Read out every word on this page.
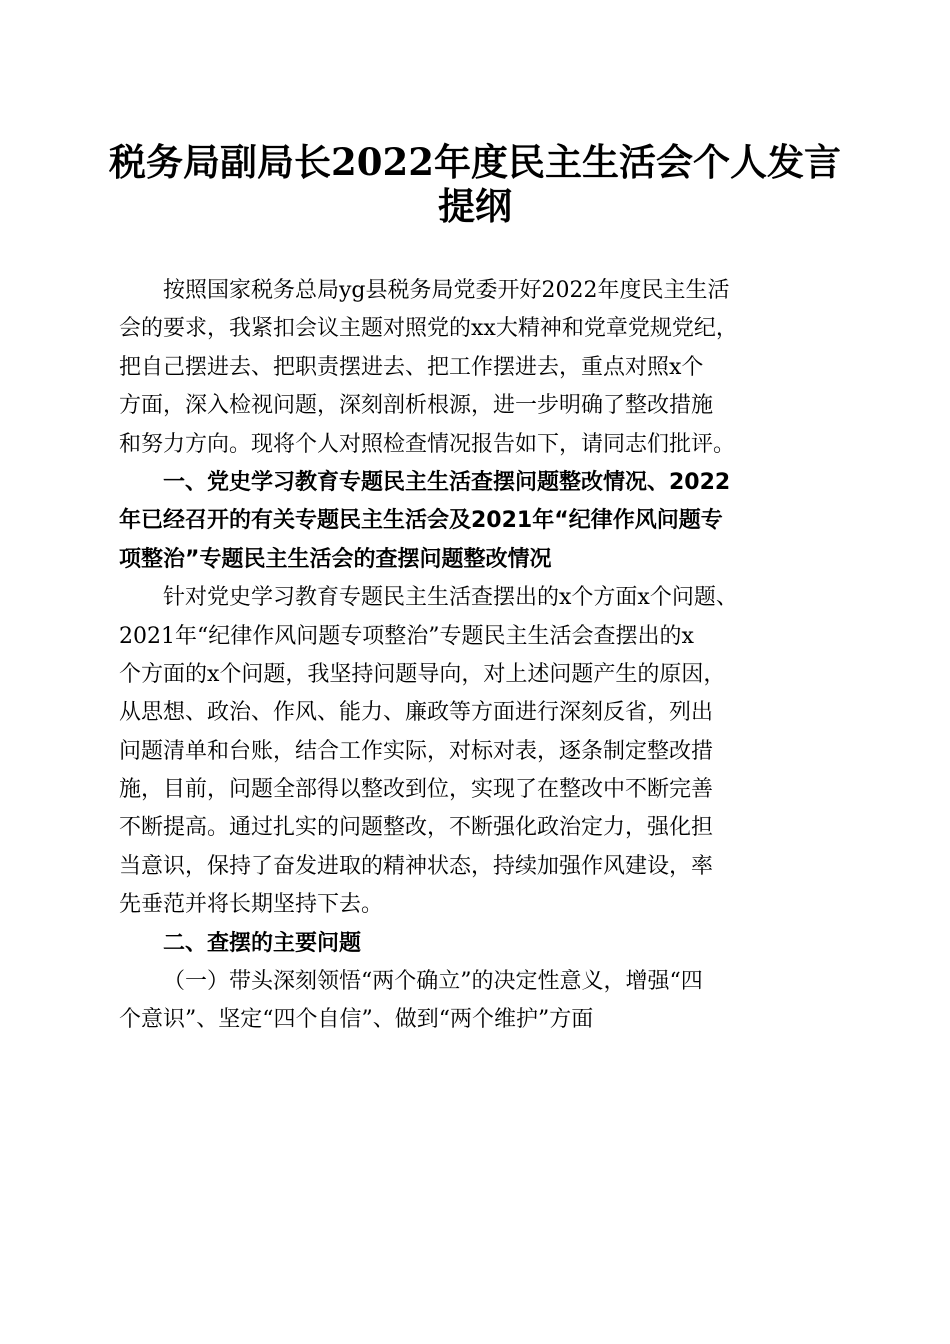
税务局副局长2022年度民主生活会个人发言
提纲
按照国家税务总局yg县税务局党委开好2022年度民主生活
会的要求，我紧扣会议主题对照党的xx大精神和党章党规党纪，
把自己摆进去、把职责摆进去、把工作摆进去，重点对照x个
方面，深入检视问题，深刻剖析根源，进一步明确了整改措施
和努力方向。现将个人对照检查情况报告如下，请同志们批评。
一、党史学习教育专题民主生活查摆问题整改情况、2022
年已经召开的有关专题民主生活会及2021年“纪律作风问题专
项整治”专题民主生活会的查摆问题整改情况
针对党史学习教育专题民主生活查摆出的x个方面x个问题、
2021年“纪律作风问题专项整治”专题民主生活会查摆出的x
个方面的x个问题，我坚持问题导向，对上述问题产生的原因，
从思想、政治、作风、能力、廉政等方面进行深刻反省，列出
问题清单和台账，结合工作实际，对标对表，逐条制定整改措
施，目前，问题全部得以整改到位，实现了在整改中不断完善
不断提高。通过扎实的问题整改，不断强化政治定力，强化担
当意识，保持了奋发进取的精神状态，持续加强作风建设，率
先垂范并将长期坚持下去。
二、查摆的主要问题
（一）带头深刻领悟“两个确立”的决定性意义，增强“四
个意识”、坚定“四个自信”、做到“两个维护”方面
